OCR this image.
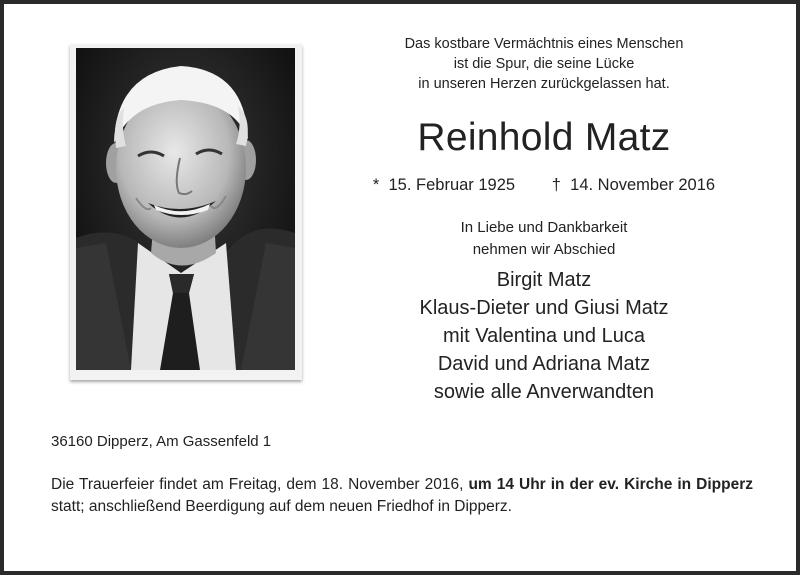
Das kostbare Vermächtnis eines Menschen
ist die Spur, die seine Lücke
in unseren Herzen zurückgelassen hat.
Reinhold Matz
* 15. Februar 1925 † 14. November 2016
In Liebe und Dankbarkeit
nehmen wir Abschied
Birgit Matz
Klaus-Dieter und Giusi Matz
mit Valentina und Luca
David und Adriana Matz
sowie alle Anverwandten
36160 Dipperz, Am Gassenfeld 1
Die Trauerfeier findet am Freitag, dem 18. November 2016, um 14 Uhr in der ev. Kirche in Dipperz statt; anschließend Beerdigung auf dem neuen Friedhof in Dipperz.
